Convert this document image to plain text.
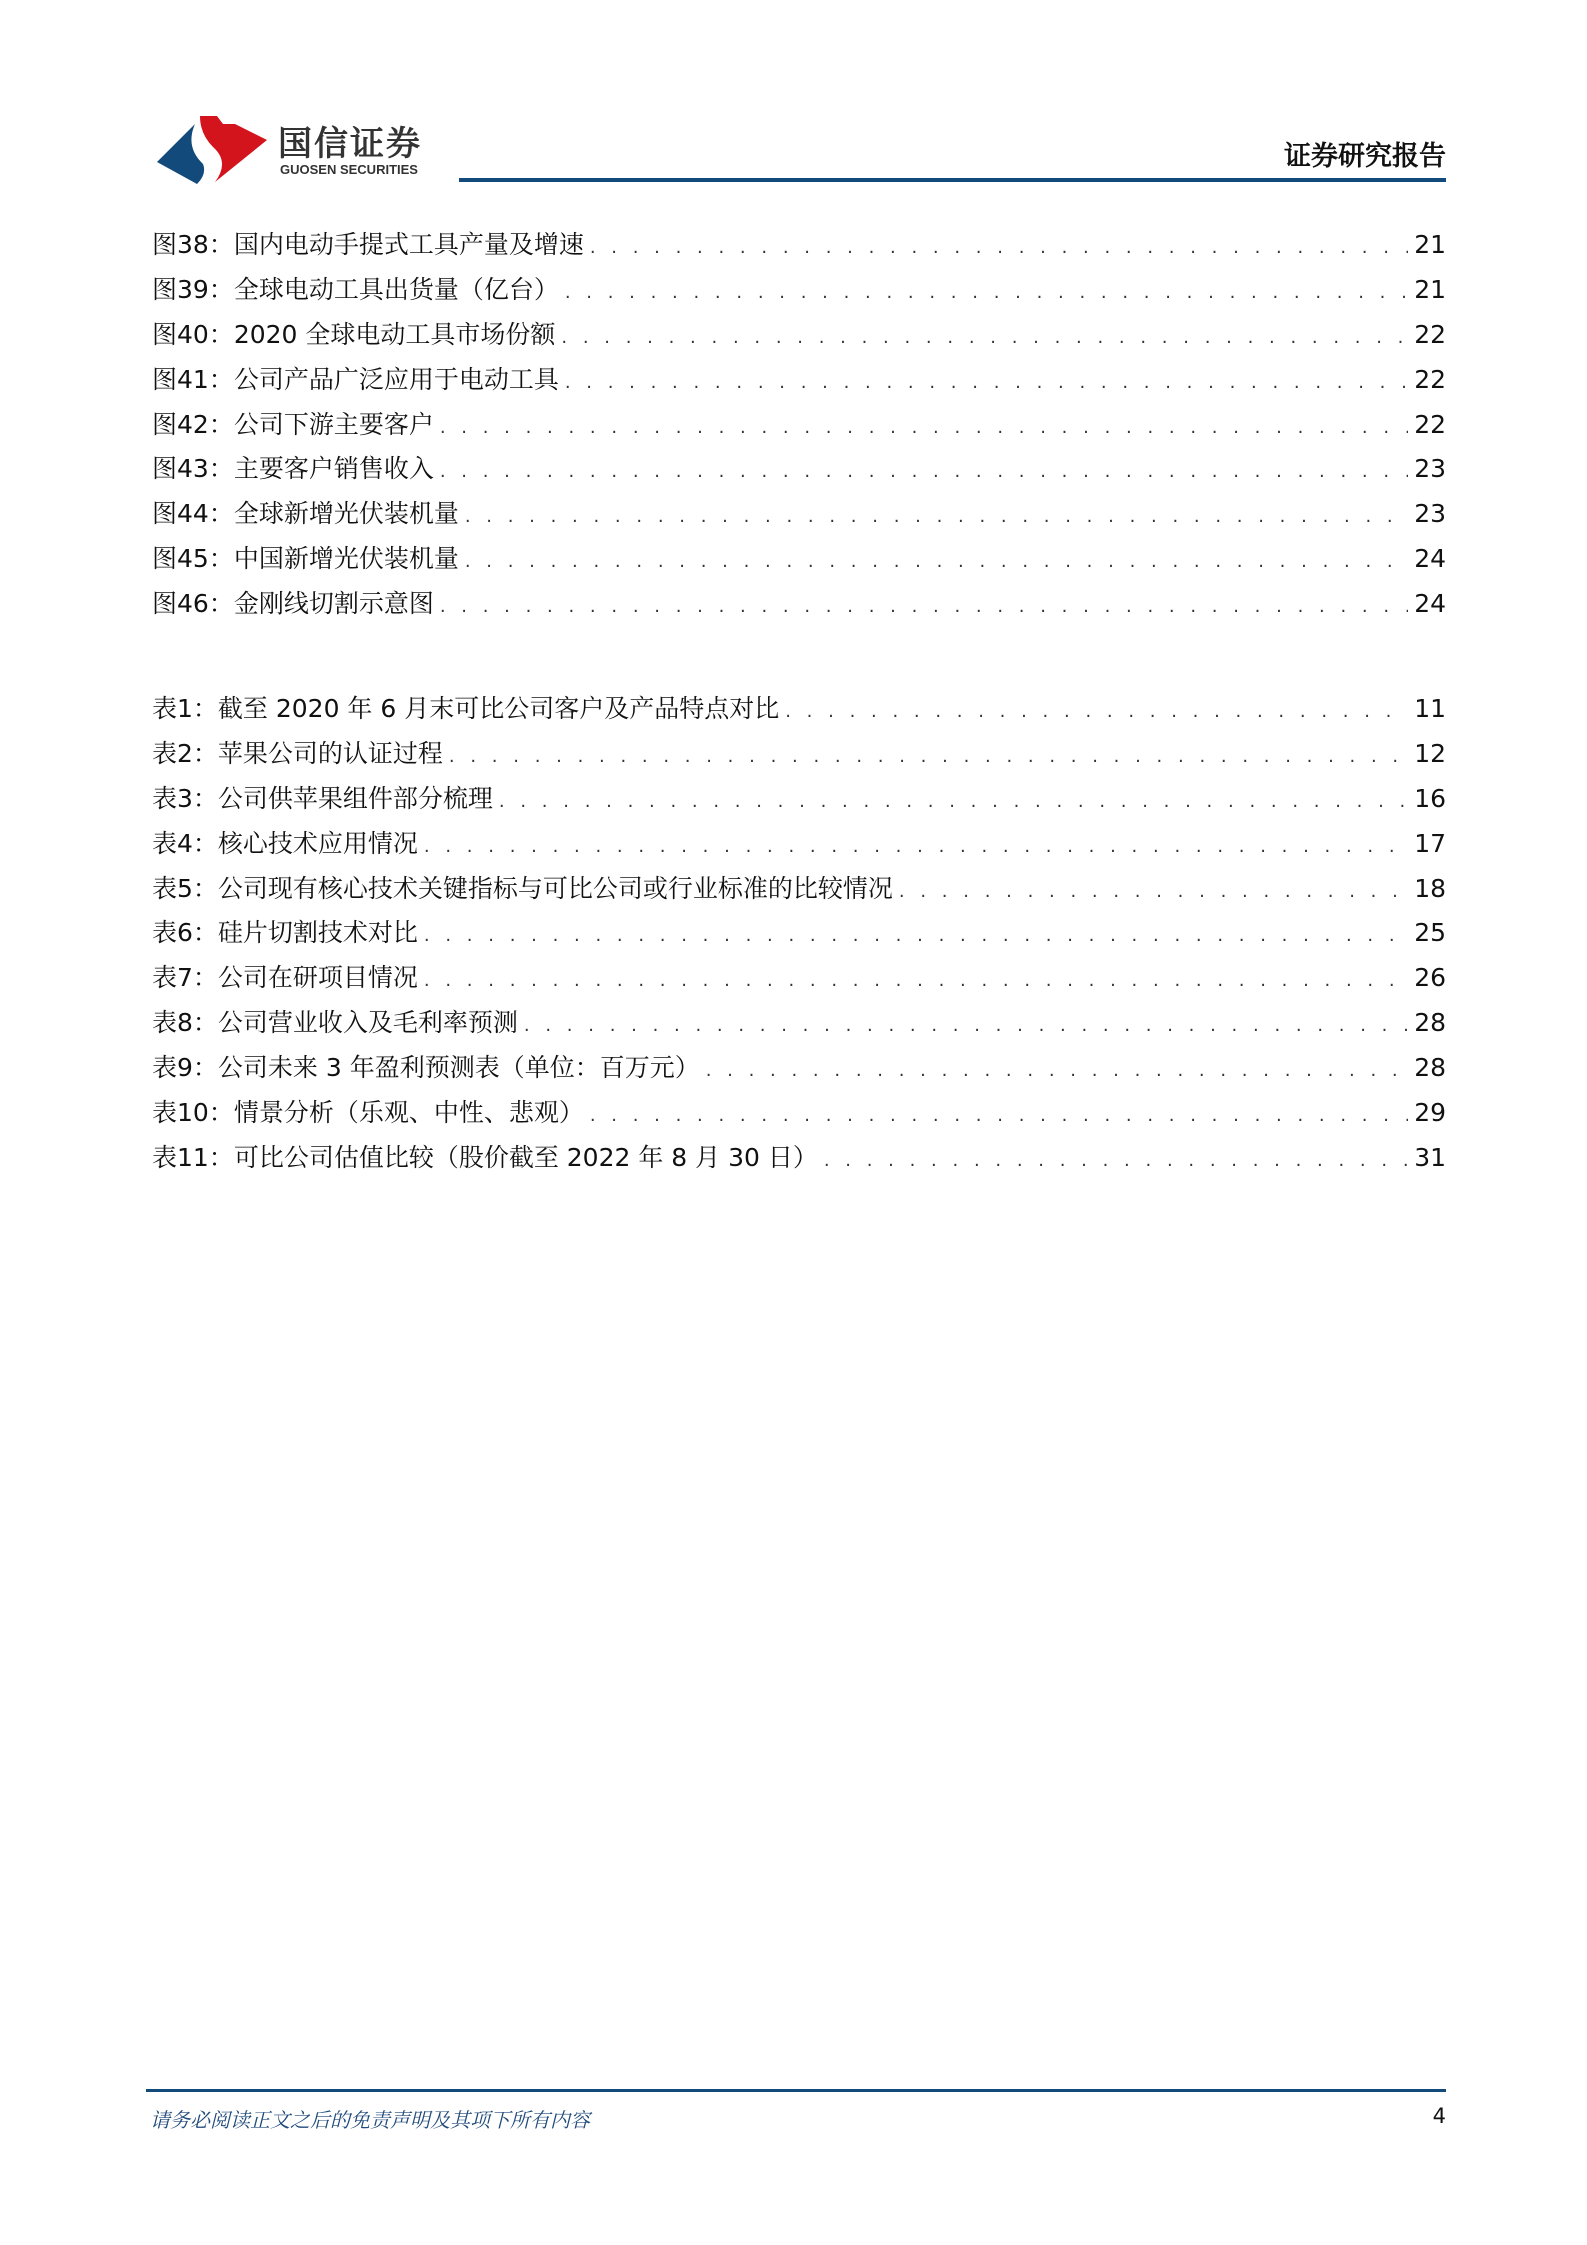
国信证券
GUOSEN SECURITIES	证券研究报告
图38： 国内电动手提式工具产量及增速 . . .	21
图39： 全球电动工具出货量（亿台） . . .	21
图40： 2020 全球电动工具市场份额 . . .	22
图41： 公司产品广泛应用于电动工具 . . .	22
图42： 公司下游主要客户 . . .	22
图43： 主要客户销售收入 . . .	23
图44： 全球新增光伏装机量 . . .	23
图45： 中国新增光伏装机量 . . .	24
图46： 金刚线切割示意图 . . .	24
表1： 截至 2020 年 6 月末可比公司客户及产品特点对比 . . .	11
表2： 苹果公司的认证过程 . . .	12
表3： 公司供苹果组件部分梳理 . . .	16
表4： 核心技术应用情况 . . .	17
表5： 公司现有核心技术关键指标与可比公司或行业标准的比较情况 . . .	18
表6： 硅片切割技术对比 . . .	25
表7： 公司在研项目情况 . . .	26
表8： 公司营业收入及毛利率预测 . . .	28
表9： 公司未来 3 年盈利预测表（单位：百万元） . . .	28
表10： 情景分析（乐观、中性、悲观） . . .	29
表11： 可比公司估值比较（股价截至 2022 年 8 月 30 日） . . .	31
请务必阅读正文之后的免责声明及其项下所有内容	4
